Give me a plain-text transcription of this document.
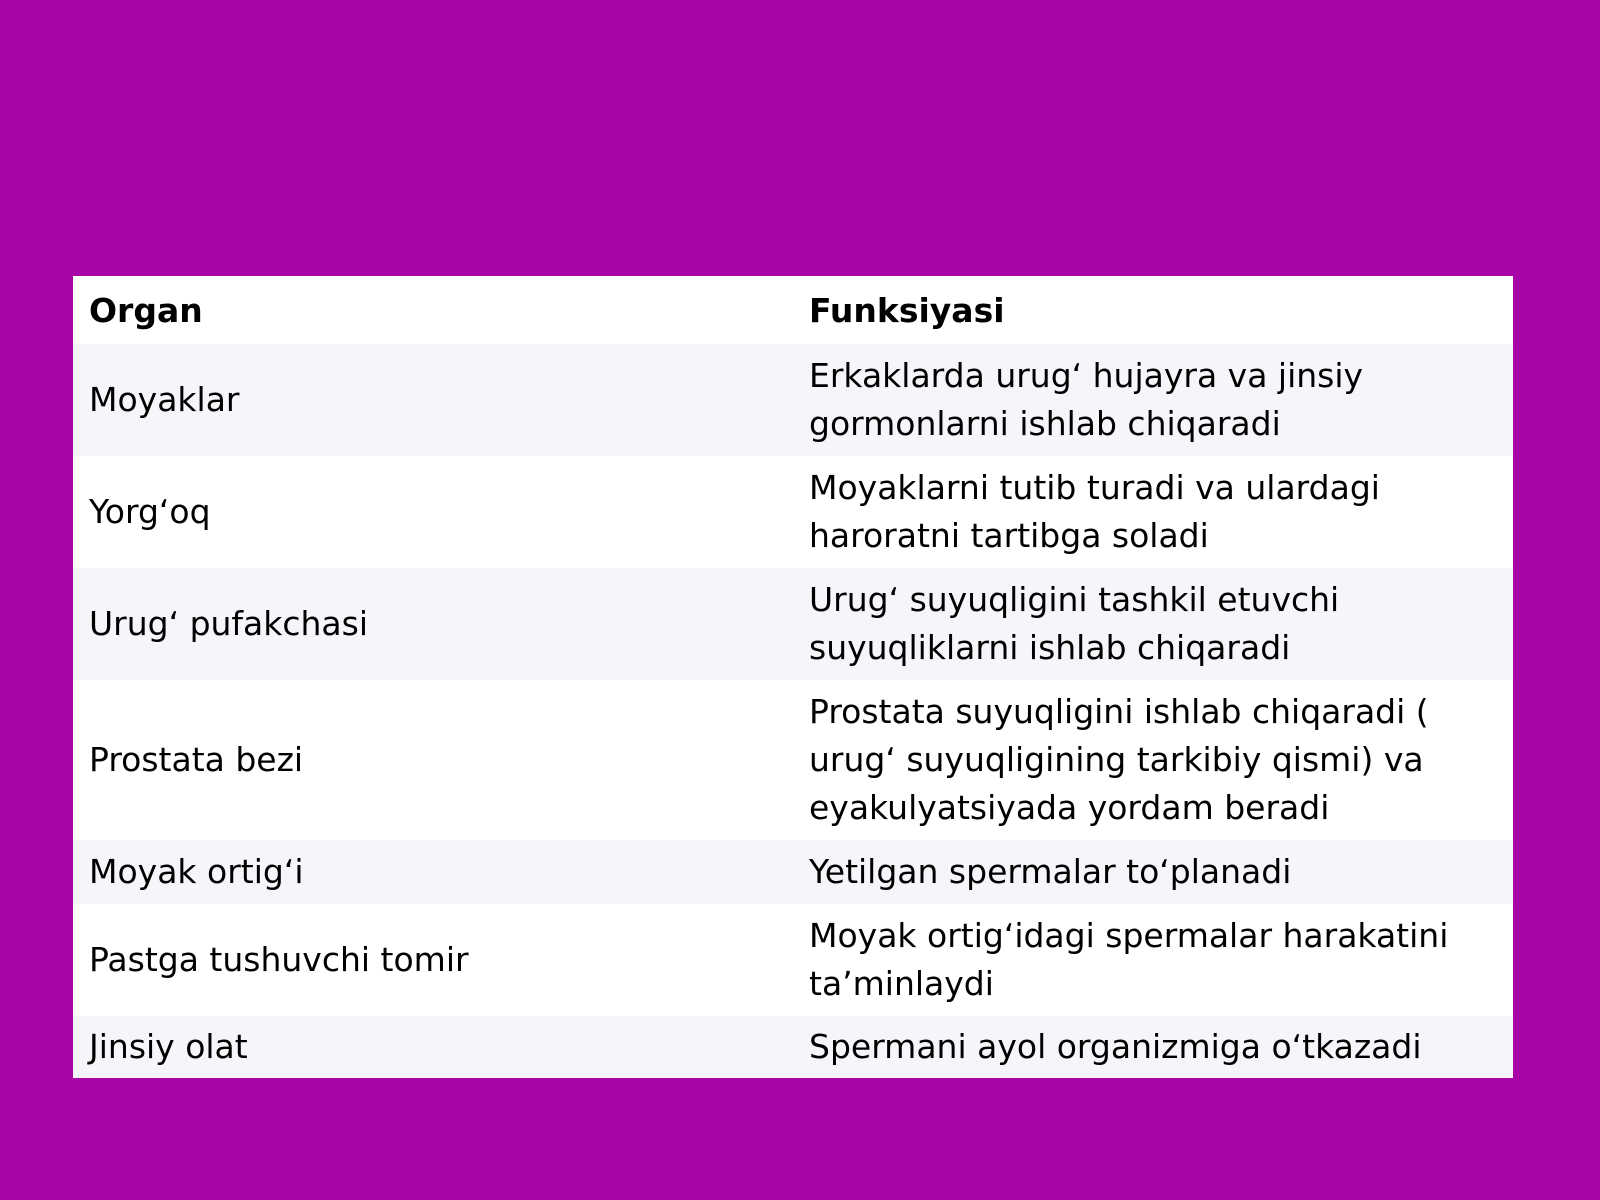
Organ	Funksiyasi
Moyaklar	Erkaklarda urug‘ hujayra va jinsiy gormonlarni ishlab chiqaradi
Yorg‘oq	Moyaklarni tutib turadi va ulardagi haroratni tartibga soladi
Urug‘ pufakchasi	Urug‘ suyuqligini tashkil etuvchi suyuqliklarni ishlab chiqaradi
Prostata bezi	Prostata suyuqligini ishlab chiqaradi ( urug‘ suyuqligining tarkibiy qismi) va eyakulyatsiyada yordam beradi
Moyak ortig‘i	Yetilgan spermalar to‘planadi
Pastga tushuvchi tomir	Moyak ortig‘idagi spermalar harakatini ta’minlaydi
Jinsiy olat	Spermani ayol organizmiga o‘tkazadi
